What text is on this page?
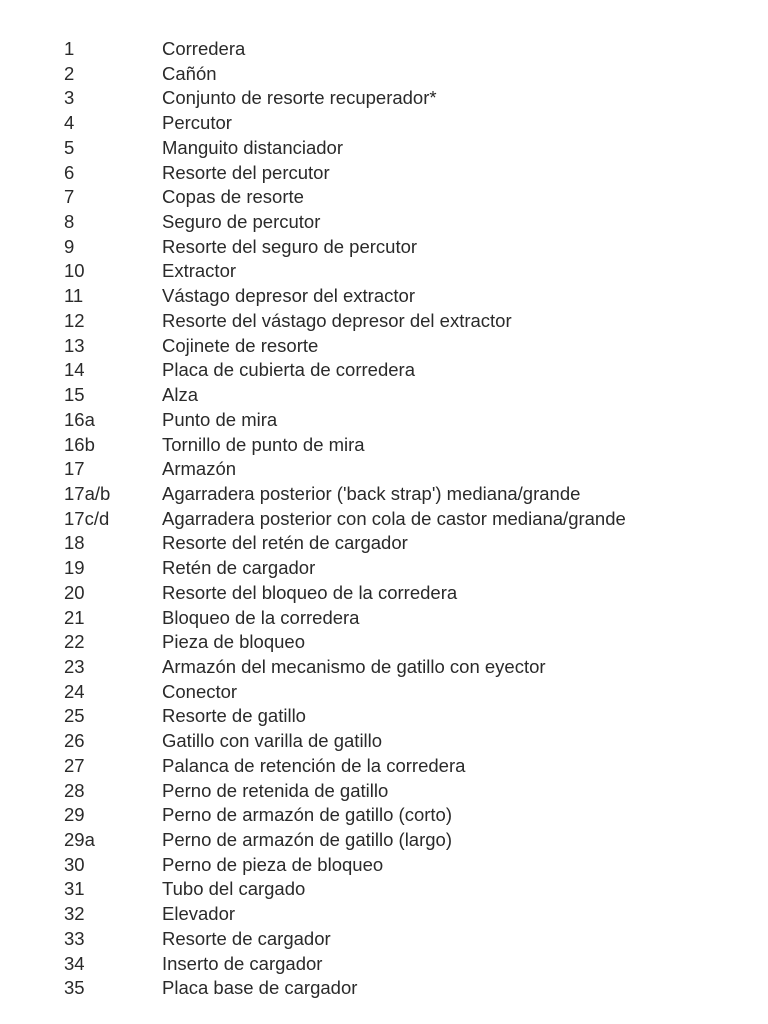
1	Corredera
2	Cañón
3	Conjunto de resorte recuperador*
4	Percutor
5	Manguito distanciador
6	Resorte del percutor
7	Copas de resorte
8	Seguro de percutor
9	Resorte del seguro de percutor
10	Extractor
11	Vástago depresor del extractor
12	Resorte del vástago depresor del extractor
13	Cojinete de resorte
14	Placa de cubierta de corredera
15	Alza
16a	Punto de mira
16b	Tornillo de punto de mira
17	Armazón
17a/b	Agarradera posterior ('back strap') mediana/grande
17c/d	Agarradera posterior con cola de castor mediana/grande
18	Resorte del retén de cargador
19	Retén de cargador
20	Resorte del bloqueo de la corredera
21	Bloqueo de la corredera
22	Pieza de bloqueo
23	Armazón del mecanismo de gatillo con eyector
24	Conector
25	Resorte de gatillo
26	Gatillo con varilla de gatillo
27	Palanca de retención de la corredera
28	Perno de retenida de gatillo
29	Perno de armazón de gatillo (corto)
29a	Perno de armazón de gatillo (largo)
30	Perno de pieza de bloqueo
31	Tubo del cargado
32	Elevador
33	Resorte de cargador
34	Inserto de cargador
35	Placa base de cargador
